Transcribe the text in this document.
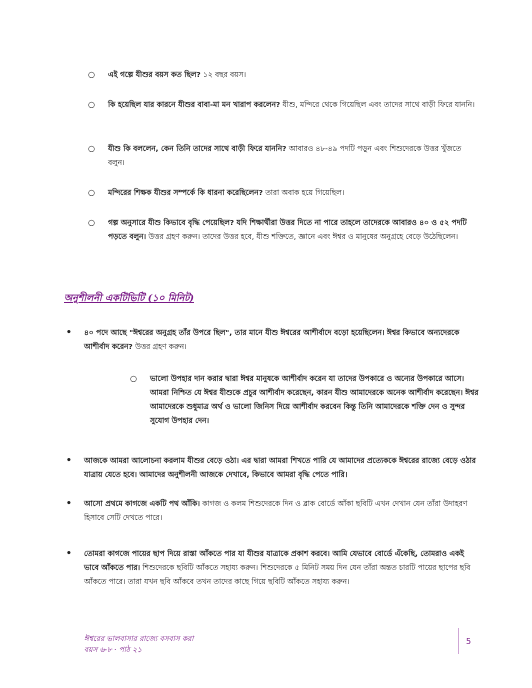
○ এই গল্পে যীশুর বয়স কত ছিল? ১২ বছর বয়স।
○ কি হয়েছিল যার কারনে যীশুর বাবা-মা মন খারাপ করলেন? যীশু, মন্দিরে থেকে গিয়েছিল এবং তাদের সাথে বাড়ী ফিরে যাননি।
○ যীশু কি বললেন, কেন তিনি তাদের সাথে বাড়ী ফিরে যাননি? আবারও ৪৮-৪৯ পদটি পড়ুন এবং শিশুদেরকে উত্তর খুঁজতে বলুন।
○ মন্দিরের শিক্ষক যীশুর সম্পর্কে কি ধারনা করেছিলেন? তারা অবাক হয়ে গিয়েছিল।
○ গল্প অনুসারে যীশু কিভাবে বৃদ্ধি পেয়েছিল? যদি শিক্ষার্থীরা উত্তর দিতে না পারে তাহলে তাদেরকে আবারও ৪০ ও ৫২ পদটি পড়তে বলুন। উত্তর গ্রহণ করুন। তাদের উত্তর হবে, যীশু শক্তিতে, জ্ঞানে এবং ঈশ্বর ও মানুষের অনুগ্রহে বেড়ে উঠেছিলেন।
অনুশীলনী একটিভিটি (১০ মিনিট)
• ৪০ পদে আছে "ঈশ্বরের অনুগ্রহ তাঁর উপরে ছিল", তার মানে যীশু ঈশ্বরের আশীর্বাদে বড়ো হয়েছিলেন। ঈশ্বর কিভাবে অন্যদেরকে আশীর্বাদ করেন? উত্তর গ্রহণ করুন।
○ ভালো উপহার দান করার দ্বারা ঈশ্বর মানুষকে আশীর্বাদ করেন যা তাদের উপকারে ও অন্যের উপকারে আসে। আমরা নিশ্চিত যে ঈশ্বর যীশুকে প্রচুর আশীর্বাদ করেছেন, কারন যীশু আমাদেরকে অনেক আশীর্বাদ করেছেন। ঈশ্বর আমাদেরকে শুধুমাত্র অর্থ ও ভালো জিনিস দিয়ে আশীর্বাদ করবেন কিন্তু তিনি আমাদেরকে শক্তি দেন ও সুন্দর সুযোগ উপহার দেন।
• আজকে আমরা আলোচনা করলাম যীশুর বেড়ে ওঠা। এর দ্বারা আমরা শিখতে পারি যে আমাদের প্রত্যেককে ঈশ্বরের রাজ্যে বেড়ে ওঠার যাত্রায় যেতে হবে। আমাদের অনুশীলনী আজকে দেখাবে, কিভাবে আমরা বৃদ্ধি পেতে পারি।
• আসো প্রথমে কাগজে একটি পথ আঁকি। কাগজ ও কলম শিশুদেরকে দিন ও ব্লাক বোর্ডে আঁকা ছবিটি এখন দেখান যেন তাঁরা উদাহরণ হিসাবে সেটি দেখতে পারে।
• তোমরা কাগজে পায়ের ছাপ দিয়ে রাস্তা আঁকতে পার যা যীশুর যাত্রাকে প্রকাশ করবে। আমি যেভাবে বোর্ডে এঁকেছি, তোমরাও একই ভাবে আঁকতে পার। শিশুদেরকে ছবিটি আঁকতে সহায্য করুন। শিশুদেরকে ৫ মিনিট সময় দিন যেন তাঁরা অন্তত চারটি পায়ের ছাপের ছবি আঁকতে পারে। তারা যখন ছবি আঁকবে তখন তাদের কাছে গিয়ে ছবিটি আঁকতে সহায্য করুন।
ঈশ্বরের ভালবাসার রাজ্যে বসবাস করা
বয়স ৬-৮ · পাঠ ২১
5
